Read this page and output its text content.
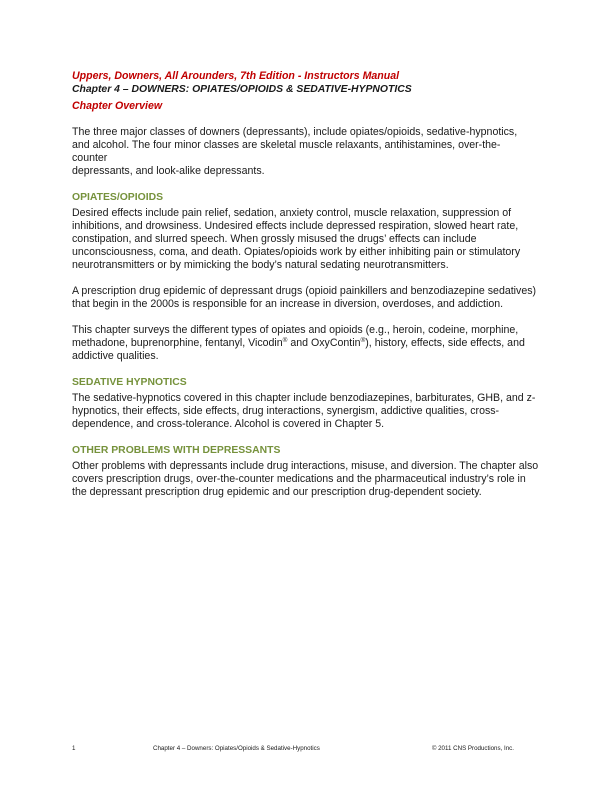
Uppers, Downers, All Arounders, 7th Edition - Instructors Manual
Chapter 4 – DOWNERS: OPIATES/OPIOIDS & SEDATIVE-HYPNOTICS
Chapter Overview

The three major classes of downers (depressants), include opiates/opioids, sedative-hypnotics,
and alcohol. The four minor classes are skeletal muscle relaxants, antihistamines, over-the-
counter
depressants, and look-alike depressants.

OPIATES/OPIOIDS

Desired effects include pain relief, sedation, anxiety control, muscle relaxation, suppression of inhibitions, and drowsiness. Undesired effects include depressed respiration, slowed heart rate, constipation, and slurred speech. When grossly misused the drugs’ effects can include unconsciousness, coma, and death. Opiates/opioids work by either inhibiting pain or stimulatory neurotransmitters or by mimicking the body’s natural sedating neurotransmitters.

A prescription drug epidemic of depressant drugs (opioid painkillers and benzodiazepine sedatives) that begin in the 2000s is responsible for an increase in diversion, overdoses, and addiction.

This chapter surveys the different types of opiates and opioids (e.g., heroin, codeine, morphine, methadone, buprenorphine, fentanyl, Vicodin® and OxyContin®), history, effects, side effects, and addictive qualities.

SEDATIVE HYPNOTICS

The sedative-hypnotics covered in this chapter include benzodiazepines, barbiturates, GHB, and z-hypnotics, their effects, side effects, drug interactions, synergism, addictive qualities, cross-dependence, and cross-tolerance. Alcohol is covered in Chapter 5.

OTHER PROBLEMS WITH DEPRESSANTS

Other problems with depressants include drug interactions, misuse, and diversion. The chapter also covers prescription drugs, over-the-counter medications and the pharmaceutical industry’s role in the depressant prescription drug epidemic and our prescription drug-dependent society.

1	Chapter 4 – Downers: Opiates/Opioids & Sedative-Hypnotics	© 2011 CNS Productions, Inc.
